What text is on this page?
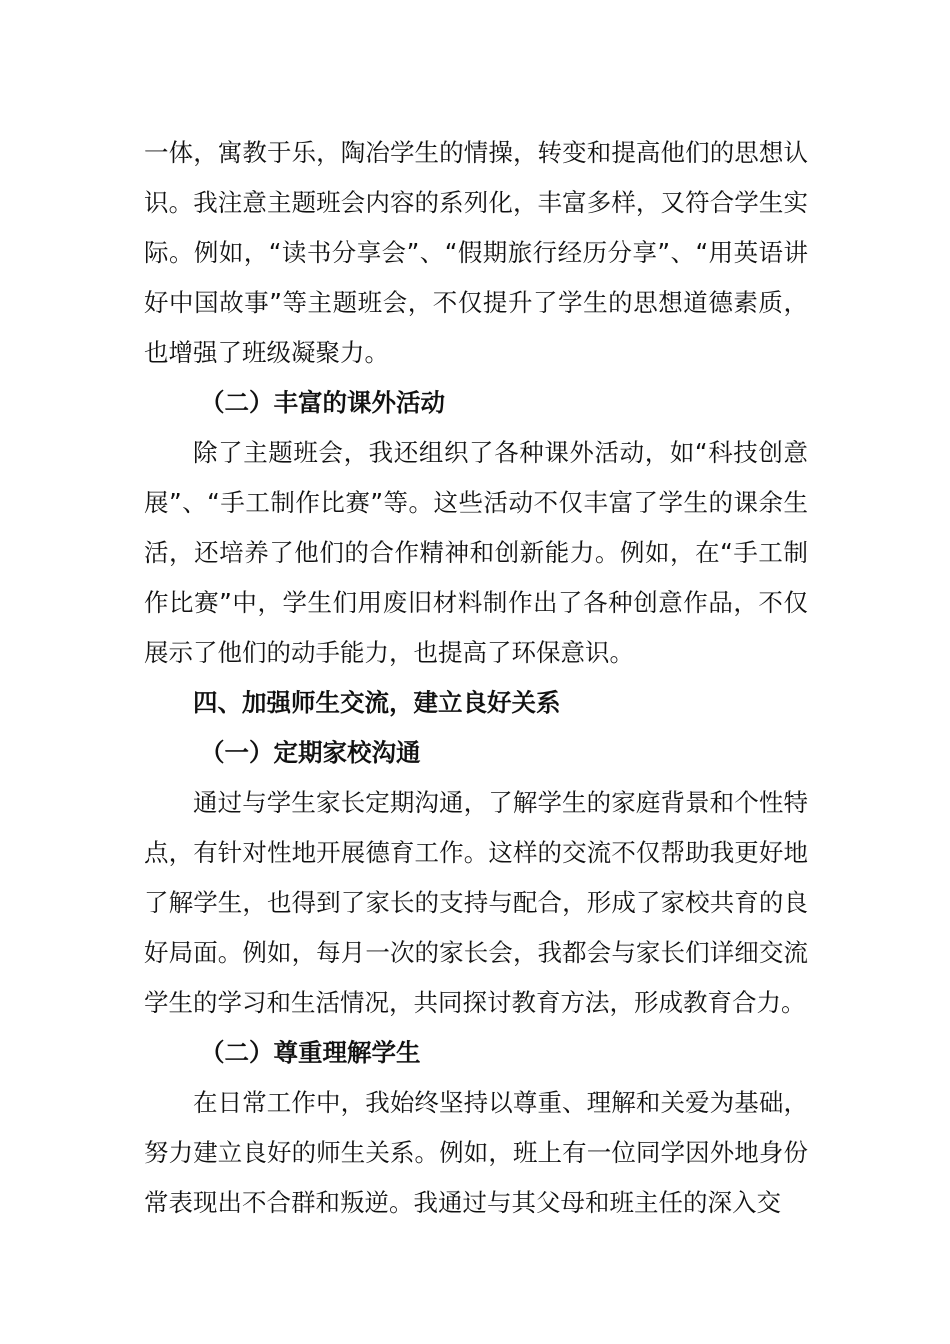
一体，寓教于乐，陶冶学生的情操，转变和提高他们的思想认识。我注意主题班会内容的系列化，丰富多样，又符合学生实际。例如，“读书分享会”、“假期旅行经历分享”、“用英语讲好中国故事”等主题班会，不仅提升了学生的思想道德素质，也增强了班级凝聚力。

（二）丰富的课外活动

除了主题班会，我还组织了各种课外活动，如“科技创意展”、“手工制作比赛”等。这些活动不仅丰富了学生的课余生活，还培养了他们的合作精神和创新能力。例如，在“手工制作比赛”中，学生们用废旧材料制作出了各种创意作品，不仅展示了他们的动手能力，也提高了环保意识。

四、加强师生交流，建立良好关系

（一）定期家校沟通

通过与学生家长定期沟通，了解学生的家庭背景和个性特点，有针对性地开展德育工作。这样的交流不仅帮助我更好地了解学生，也得到了家长的支持与配合，形成了家校共育的良好局面。例如，每月一次的家长会，我都会与家长们详细交流学生的学习和生活情况，共同探讨教育方法，形成教育合力。

（二）尊重理解学生

在日常工作中，我始终坚持以尊重、理解和关爱为基础，努力建立良好的师生关系。例如，班上有一位同学因外地身份常表现出不合群和叛逆。我通过与其父母和班主任的深入交
